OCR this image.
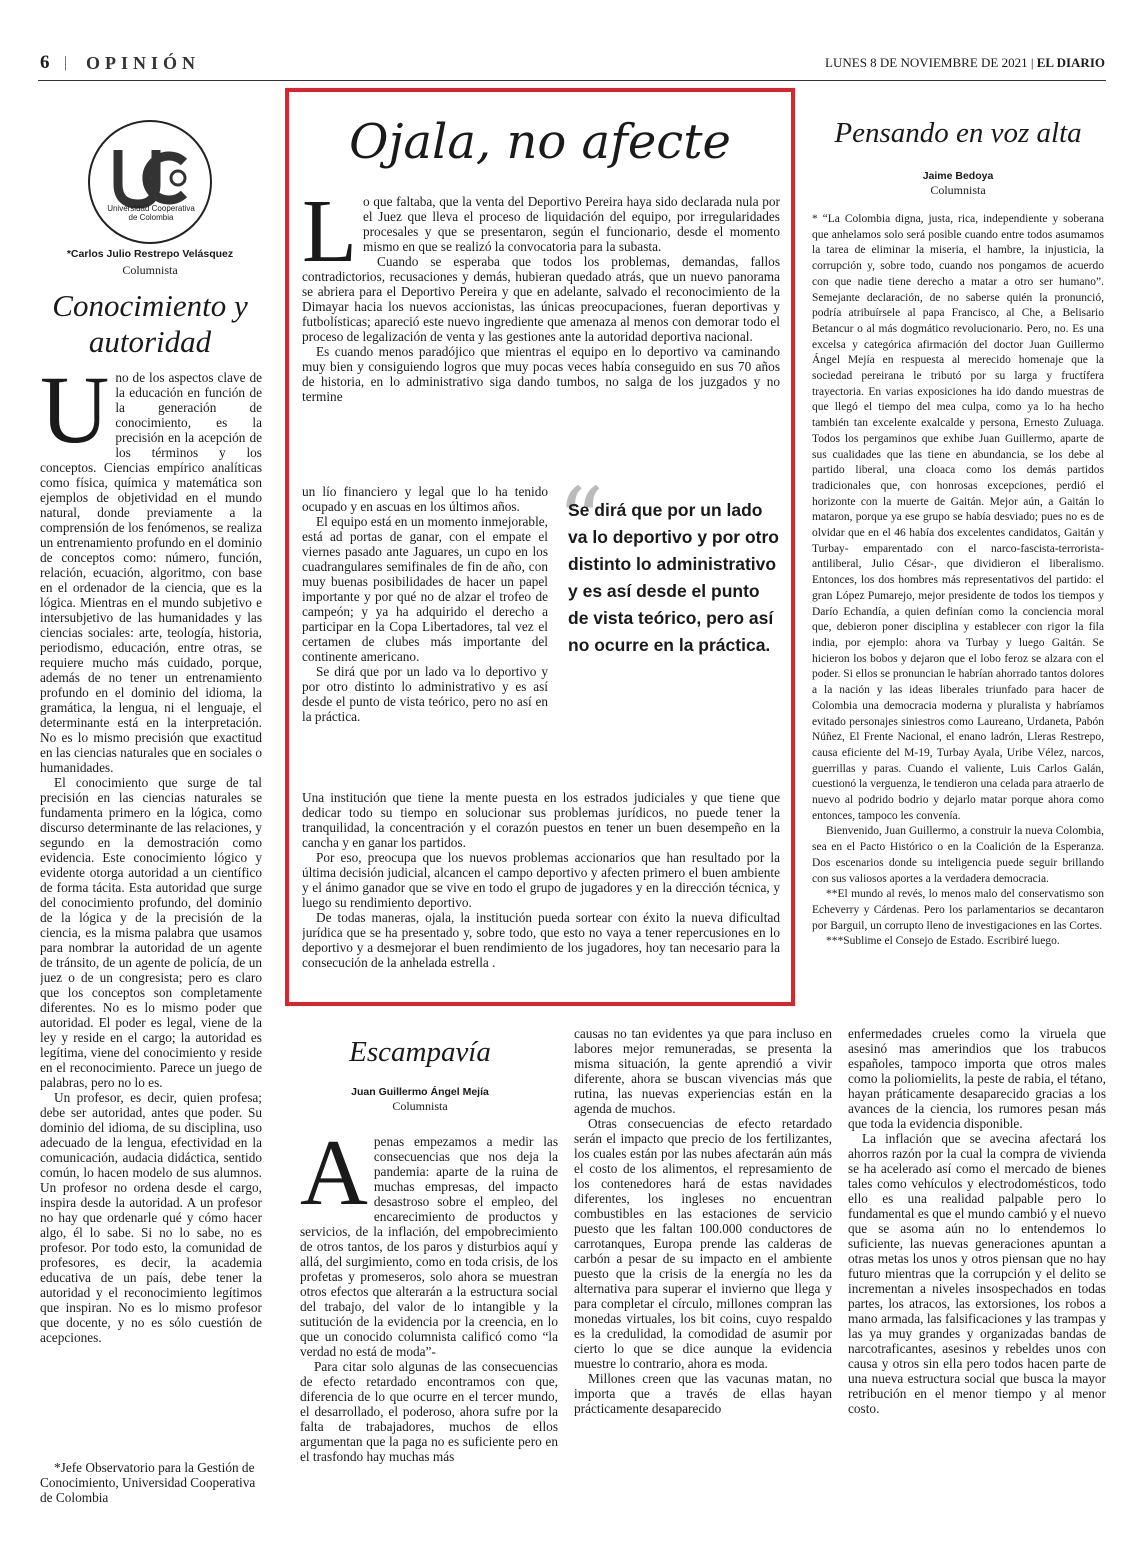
6 | OPINIÓN	LUNES 8 DE NOVIEMBRE DE 2021 | EL DIARIO
Universidad Cooperativa de Colombia
*Carlos Julio Restrepo Velásquez
Columnista
Conocimiento y autoridad

Uno de los aspectos clave de la educación en función de la generación de conocimiento, es la precisión en la acepción de los términos y los conceptos. Ciencias empírico analíticas como física, química y matemática son ejemplos de objetividad en el mundo natural, donde previamente a la comprensión de los fenómenos, se realiza un entrenamiento profundo en el dominio de conceptos como: número, función, relación, ecuación, algoritmo, con base en el ordenador de la ciencia, que es la lógica. Mientras en el mundo subjetivo e intersubjetivo de las humanidades y las ciencias sociales: arte, teología, historia, periodismo, educación, entre otras, se requiere mucho más cuidado, porque, además de no tener un entrenamiento profundo en el dominio del idioma, la gramática, la lengua, ni el lenguaje, el determinante está en la interpretación. No es lo mismo precisión que exactitud en las ciencias naturales que en sociales o humanidades.

El conocimiento que surge de tal precisión en las ciencias naturales se fundamenta primero en la lógica, como discurso determinante de las relaciones, y segundo en la demostración como evidencia. Este conocimiento lógico y evidente otorga autoridad a un científico de forma tácita. Esta autoridad que surge del conocimiento profundo, del dominio de la lógica y de la precisión de la ciencia, es la misma palabra que usamos para nombrar la autoridad de un agente de tránsito, de un agente de policía, de un juez o de un congresista; pero es claro que los conceptos son completamente diferentes. No es lo mismo poder que autoridad. El poder es legal, viene de la ley y reside en el cargo; la autoridad es legítima, viene del conocimiento y reside en el reconocimiento. Parece un juego de palabras, pero no lo es.

Un profesor, es decir, quien profesa; debe ser autoridad, antes que poder. Su dominio del idioma, de su disciplina, uso adecuado de la lengua, efectividad en la comunicación, audacia didáctica, sentido común, lo hacen modelo de sus alumnos. Un profesor no ordena desde el cargo, inspira desde la autoridad. A un profesor no hay que ordenarle qué y cómo hacer algo, él lo sabe. Si no lo sabe, no es profesor. Por todo esto, la comunidad de profesores, es decir, la academia educativa de un país, debe tener la autoridad y el reconocimiento legítimos que inspiran. No es lo mismo profesor que docente, y no es sólo cuestión de acepciones.

*Jefe Observatorio para la Gestión de Conocimiento, Universidad Cooperativa de Colombia

Ojala, no afecte

Lo que faltaba, que la venta del Deportivo Pereira haya sido declarada nula por el Juez que lleva el proceso de liquidación del equipo, por irregularidades procesales y que se presentaron, según el funcionario, desde el momento mismo en que se realizó la convocatoria para la subasta.

Cuando se esperaba que todos los problemas, demandas, fallos contradictorios, recusaciones y demás, hubieran quedado atrás, que un nuevo panorama se abriera para el Deportivo Pereira y que en adelante, salvado el reconocimiento de la Dimayar hacia los nuevos accionistas, las únicas preocupaciones, fueran deportivas y futbolísticas; apareció este nuevo ingrediente que amenaza al menos con demorar todo el proceso de legalización de venta y las gestiones ante la autoridad deportiva nacional.

Es cuando menos paradójico que mientras el equipo en lo deportivo va caminando muy bien y consiguiendo logros que muy pocas veces había conseguido en sus 70 años de historia, en lo administrativo siga dando tumbos, no salga de los juzgados y no termine

un lío financiero y legal que lo ha tenido ocupado y en ascuas en los últimos años.

El equipo está en un momento inmejorable, está ad portas de ganar, con el empate el viernes pasado ante Jaguares, un cupo en los cuadrangulares semifinales de fin de año, con muy buenas posibilidades de hacer un papel importante y por qué no de alzar el trofeo de campeón; y ya ha adquirido el derecho a participar en la Copa Libertadores, tal vez el certamen de clubes más importante del continente americano.

Se dirá que por un lado va lo deportivo y por otro distinto lo administrativo y es así desde el punto de vista teórico, pero no así en la práctica.

Una institución que tiene la mente puesta en los estrados judiciales y que tiene que dedicar todo su tiempo en solucionar sus problemas jurídicos, no puede tener la tranquilidad, la concentración y el corazón puestos en tener un buen desempeño en la cancha y en ganar los partidos.

Por eso, preocupa que los nuevos problemas accionarios que han resultado por la última decisión judicial, alcancen el campo deportivo y afecten primero el buen ambiente y el ánimo ganador que se vive en todo el grupo de jugadores y en la dirección técnica, y luego su rendimiento deportivo.

De todas maneras, ojala, la institución pueda sortear con éxito la nueva dificultad jurídica que se ha presentado y, sobre todo, que esto no vaya a tener repercusiones en lo deportivo y a desmejorar el buen rendimiento de los jugadores, hoy tan necesario para la consecución de la anhelada estrella .

“
Se dirá que por un lado va lo deportivo y por otro distinto lo administrativo y es así desde el punto de vista teórico, pero así no ocurre en la práctica.
Pensando en voz alta
Jaime Bedoya
Columnista

* “La Colombia digna, justa, rica, independiente y soberana que anhelamos solo será posible cuando entre todos asumamos la tarea de eliminar la miseria, el hambre, la injusticia, la corrupción y, sobre todo, cuando nos pongamos de acuerdo con que nadie tiene derecho a matar a otro ser humano”. Semejante declaración, de no saberse quién la pronunció, podría atribuírsele al papa Francisco, al Che, a Belisario Betancur o al más dogmático revolucionario. Pero, no. Es una excelsa y categórica afirmación del doctor Juan Guillermo Ángel Mejía en respuesta al merecido homenaje que la sociedad pereirana le tributó por su larga y fructífera trayectoria. En varias exposiciones ha ido dando muestras de que llegó el tiempo del mea culpa, como ya lo ha hecho también tan excelente exalcalde y persona, Ernesto Zuluaga. Todos los pergaminos que exhibe Juan Guillermo, aparte de sus cualidades que las tiene en abundancia, se los debe al partido liberal, una cloaca como los demás partidos tradicionales que, con honrosas excepciones, perdió el horizonte con la muerte de Gaitán. Mejor aún, a Gaitán lo mataron, porque ya ese grupo se había desviado; pues no es de olvidar que en el 46 había dos excelentes candidatos, Gaitán y Turbay- emparentado con el narco-fascista-terrorista-antiliberal, Julio César-, que dividieron el liberalismo. Entonces, los dos hombres más representativos del partido: el gran López Pumarejo, mejor presidente de todos los tiempos y Darío Echandía, a quien definían como la conciencia moral que, debieron poner disciplina y establecer con rigor la fila india, por ejemplo: ahora va Turbay y luego Gaitán. Se hicieron los bobos y dejaron que el lobo feroz se alzara con el poder. Si ellos se pronuncian le habrían ahorrado tantos dolores a la nación y las ideas liberales triunfado para hacer de Colombia una democracia moderna y pluralista y habríamos evitado personajes siniestros como Laureano, Urdaneta, Pabón Núñez, El Frente Nacional, el enano ladrón, Lleras Restrepo, causa eficiente del M-19, Turbay Ayala, Uribe Vélez, narcos, guerrillas y paras. Cuando el valiente, Luis Carlos Galán, cuestionó la verguenza, le tendieron una celada para atraerlo de nuevo al podrido bodrio y dejarlo matar porque ahora como entonces, tampoco les convenía.

Bienvenido, Juan Guillermo, a construir la nueva Colombia, sea en el Pacto Histórico o en la Coalición de la Esperanza. Dos escenarios donde su inteligencia puede seguir brillando con sus valiosos aportes a la verdadera democracia.

**El mundo al revés, lo menos malo del conservatismo son Echeverry y Cárdenas. Pero los parlamentarios se decantaron por Barguil, un corrupto lleno de investigaciones en las Cortes.

***Sublime el Consejo de Estado. Escribiré luego.

Escampavía
Juan Guillermo Ángel Mejía
Columnista

Apenas empezamos a medir las consecuencias que nos deja la pandemia: aparte de la ruina de muchas empresas, del impacto desastroso sobre el empleo, del encarecimiento de productos y servicios, de la inflación, del empobrecimiento de otros tantos, de los paros y disturbios aquí y allá, del surgimiento, como en toda crisis, de los profetas y promeseros, solo ahora se muestran otros efectos que alterarán a la estructura social del trabajo, del valor de lo intangible y la sutitución de la evidencia por la creencia, en lo que un conocido columnista calificó como “la verdad no está de moda”-

Para citar solo algunas de las consecuencias de efecto retardado encontramos con que, diferencia de lo que ocurre en el tercer mundo, el desarrollado, el poderoso, ahora sufre por la falta de trabajadores, muchos de ellos argumentan que la paga no es suficiente pero en el trasfondo hay muchas más

causas no tan evidentes ya que para incluso en labores mejor remuneradas, se presenta la misma situación, la gente aprendió a vivir diferente, ahora se buscan vivencias más que rutina, las nuevas experiencias están en la agenda de muchos.

Otras consecuencias de efecto retardado serán el impacto que precio de los fertilizantes, los cuales están por las nubes afectarán aún más el costo de los alimentos, el represamiento de los contenedores hará de estas navidades diferentes, los ingleses no encuentran combustibles en las estaciones de servicio puesto que les faltan 100.000 conductores de carrotanques, Europa prende las calderas de carbón a pesar de su impacto en el ambiente puesto que la crisis de la energía no les da alternativa para superar el invierno que llega y para completar el círculo, millones compran las monedas virtuales, los bit coins, cuyo respaldo es la credulidad, la comodidad de asumir por cierto lo que se dice aunque la evidencia muestre lo contrario, ahora es moda.

Millones creen que las vacunas matan, no importa que a través de ellas hayan prácticamente desaparecido

enfermedades crueles como la viruela que asesinó mas amerindios que los trabucos españoles, tampoco importa que otros males como la poliomielits, la peste de rabia, el tétano, hayan práticamente desaparecido gracias a los avances de la ciencia, los rumores pesan más que toda la evidencia disponible.

La inflación que se avecina afectará los ahorros razón por la cual la compra de vivienda se ha acelerado así como el mercado de bienes tales como vehículos y electrodomésticos, todo ello es una realidad palpable pero lo fundamental es que el mundo cambió y el nuevo que se asoma aún no lo entendemos lo suficiente, las nuevas generaciones apuntan a otras metas los unos y otros piensan que no hay futuro mientras que la corrupción y el delito se incrementan a niveles insospechados en todas partes, los atracos, las extorsiones, los robos a mano armada, las falsificaciones y las trampas y las ya muy grandes y organizadas bandas de narcotraficantes, asesinos y rebeldes unos con causa y otros sin ella pero todos hacen parte de una nueva estructura social que busca la mayor retribución en el menor tiempo y al menor costo.
